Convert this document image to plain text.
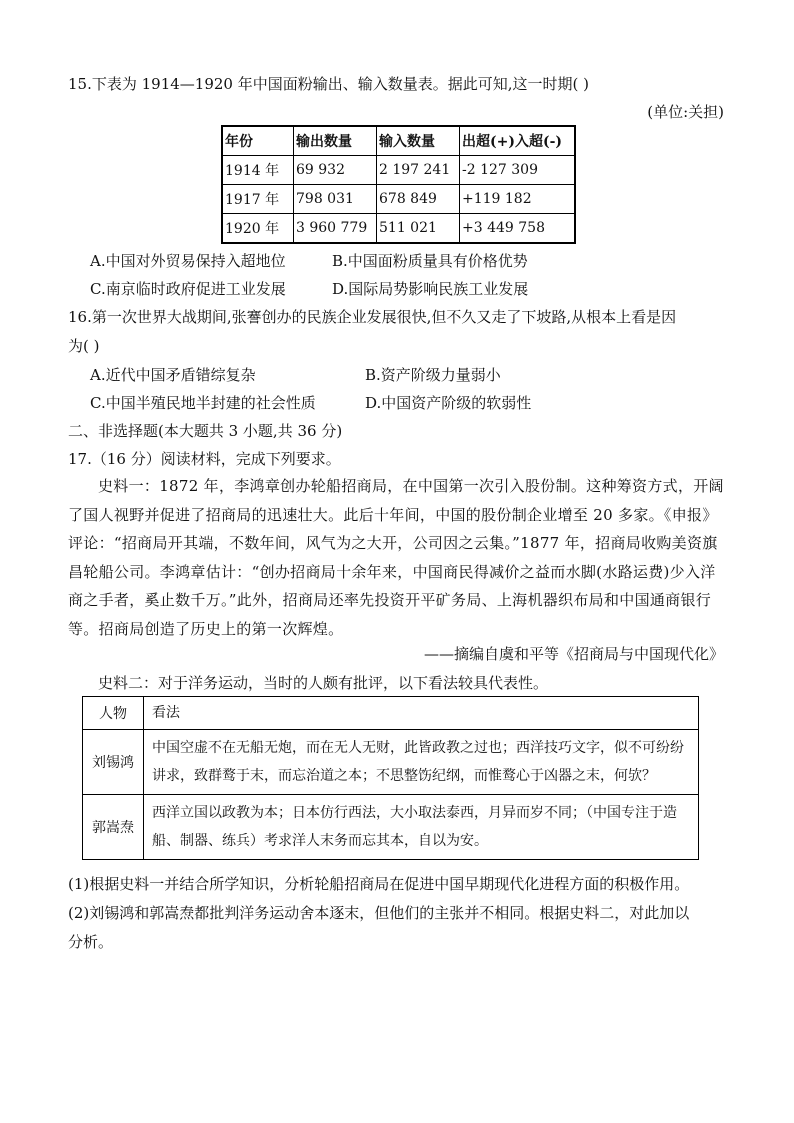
15.下表为 1914—1920 年中国面粉输出、输入数量表。据此可知,这一时期( )
(单位:关担)
年份	输出数量	输入数量	出超(+)入超(-)
1914 年	69 932	2 197 241	-2 127 309
1917 年	798 031	678 849	+119 182
1920 年	3 960 779	511 021	+3 449 758
A.中国对外贸易保持入超地位	B.中国面粉质量具有价格优势
C.南京临时政府促进工业发展	D.国际局势影响民族工业发展
16.第一次世界大战期间,张謇创办的民族企业发展很快,但不久又走了下坡路,从根本上看是因
为( )
A.近代中国矛盾错综复杂	B.资产阶级力量弱小
C.中国半殖民地半封建的社会性质	D.中国资产阶级的软弱性
二、非选择题(本大题共 3 小题,共 36 分)
17.（16 分）阅读材料，完成下列要求。
史料一：1872 年，李鸿章创办轮船招商局，在中国第一次引入股份制。这种筹资方式，开阔了国人视野并促进了招商局的迅速壮大。此后十年间，中国的股份制企业增至 20 多家。《申报》评论：“招商局开其端，不数年间，风气为之大开，公司因之云集。”1877 年，招商局收购美资旗昌轮船公司。李鸿章估计：“创办招商局十余年来，中国商民得减价之益而水脚(水路运费)少入洋商之手者，奚止数千万。”此外，招商局还率先投资开平矿务局、上海机器织布局和中国通商银行等。招商局创造了历史上的第一次辉煌。
——摘编自虞和平等《招商局与中国现代化》
史料二：对于洋务运动，当时的人颇有批评，以下看法较具代表性。
人物	看法
刘锡鸿	中国空虚不在无船无炮，而在无人无财，此皆政教之过也；西洋技巧文字，似不可纷纷讲求，致群鹜于末，而忘治道之本；不思整饬纪纲，而惟鹜心于凶器之末，何欤？
郭嵩焘	西洋立国以政教为本；日本仿行西法，大小取法泰西，月异而岁不同；（中国专注于造船、制器、练兵）考求洋人末务而忘其本，自以为安。
(1)根据史料一并结合所学知识，分析轮船招商局在促进中国早期现代化进程方面的积极作用。
(2)刘锡鸿和郭嵩焘都批判洋务运动舍本逐末，但他们的主张并不相同。根据史料二，对此加以
分析。
